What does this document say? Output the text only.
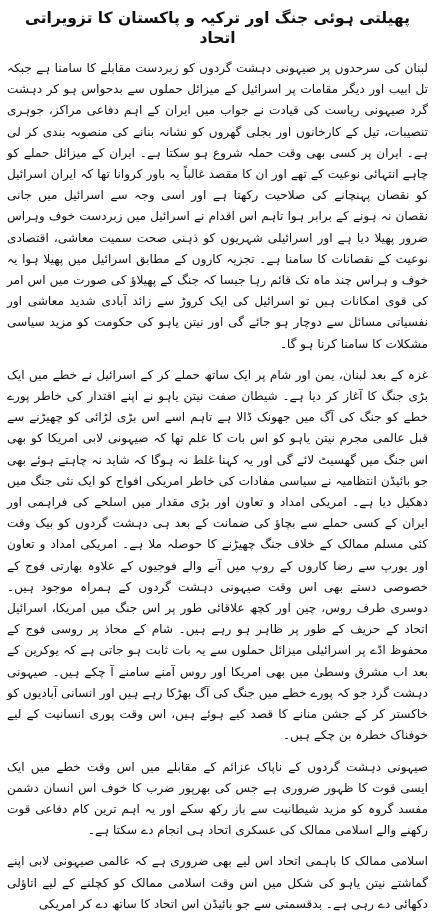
پھیلتی ہوئی جنگ اور ترکیہ و پاکستان کا تزویراتی اتحاد

لبنان کی سرحدوں پر صیہونی دہشت گردوں کو زبردست مقابلے کا سامنا ہے جبکہ تل ابیب اور دیگر مقامات پر اسرائیل کے میزائل حملوں سے بدحواس ہو کر دہشت گرد صیہونی ریاست کی قیادت نے جواب میں ایران کے اہم دفاعی مراکز، جوہری تنصیبات، تیل کے کارخانوں اور بجلی گھروں کو نشانہ بنانے کی منصوبہ بندی کر لی ہے۔ ایران پر کسی بھی وقت حملہ شروع ہو سکتا ہے۔ ایران کے میزائل حملے کو چاہے انتہائی نوعیت کے تھے اور ان کا مقصد غالباً یہ باور کروانا تھا کہ ایران اسرائیل کو نقصان پہنچانے کی صلاحیت رکھتا ہے اور اسی وجہ سے اسرائیل میں جانی نقصان نہ ہونے کے برابر ہوا تاہم اس اقدام نے اسرائیل میں زبردست خوف وہراس ضرور پھیلا دیا ہے اور اسرائیلی شہریوں کو ذہنی صحت سمیت معاشی، اقتصادی نوعیت کے نقصانات کا سامنا ہے۔ تجزیہ کاروں کے مطابق اسرائیل میں پھیلا ہوا یہ خوف و ہراس چند ماہ تک قائم رہا جیسا کہ جنگ کے پھیلاؤ کی صورت میں اس امر کی قوی امکانات ہیں تو اسرائیل کی ایک کروڑ سے زائد آبادی شدید معاشی اور نفسیاتی مسائل سے دوچار ہو جائے گی اور نیتن یاہو کی حکومت کو مزید سیاسی مشکلات کا سامنا کرنا ہو گا۔

غزہ کے بعد لبنان، یمن اور شام پر ایک ساتھ حملے کر کے اسرائیل نے خطے میں ایک بڑی جنگ کا آغاز کر دیا ہے۔ شیطان صفت نیتن یاہو نے اپنے اقتدار کی خاطر پورے خطے کو جنگ کی آگ میں جھونک ڈالا ہے تاہم اسے اس بڑی لڑائی کو چھیڑنے سے قبل عالمی مجرم نیتن یاہو کو اس بات کا علم تھا کہ صیہونی لابی امریکا کو بھی اس جنگ میں گھسیٹ لائے گی اور یہ کہنا غلط نہ ہوگا کہ شاید نہ چاہتے ہوئے بھی جو بائیڈن انتظامیہ نے سیاسی مفادات کی خاطر امریکی افواج کو ایک نئی جنگ میں دھکیل دیا ہے۔ امریکی امداد و تعاون اور بڑی مقدار میں اسلحے کی فراہمی اور ایران کے کسی حملے سے بچاؤ کی ضمانت کے بعد ہی دہشت گردوں کو بیک وقت کئی مسلم ممالک کے خلاف جنگ چھیڑنے کا حوصلہ ملا ہے۔ امریکی امداد و تعاون اور یورپ سے رضا کاروں کے روپ میں آنے والے فوجیوں کے علاوہ بھارتی فوج کے خصوصی دستے بھی اس وقت صیہونی دہشت گردوں کے ہمراہ موجود ہیں۔ دوسری طرف روس، چین اور کچھ علاقائی طور پر اس جنگ میں امریکا، اسرائیل اتحاد کے حریف کے طور پر ظاہر ہو رہے ہیں۔ شام کے محاذ پر روسی فوج کے محفوظ اڈے پر اسرائیلی میزائل حملوں سے یہ بات ثابت ہو جاتی ہے کہ یوکرین کے بعد اب مشرق وسطیٰ میں بھی امریکا اور روس آمنے سامنے آ چکے ہیں۔ صیہونی دہشت گرد جو کہ پورے خطے میں جنگ کی آگ بھڑکا رہے ہیں اور انسانی آبادیوں کو خاکستر کر کے جشن منانے کا قصد کیے ہوئے ہیں، اس وقت پوری انسانیت کے لیے خوفناک خطرہ بن چکے ہیں۔

صیہونی دہشت گردوں کے ناپاک عزائم کے مقابلے میں اس وقت خطے میں ایک ایسی قوت کا ظہور ضروری ہے جس کی بھرپور ضرب کا خوف اس انسان دشمن مفسد گروہ کو مزید شیطانیت سے باز رکھ سکے اور یہ اہم ترین کام دفاعی قوت رکھنے والے اسلامی ممالک کی عسکری اتحاد ہی انجام دے سکتا ہے۔

اسلامی ممالک کا باہمی اتحاد اس لیے بھی ضروری ہے کہ عالمی صیہونی لابی اپنے گماشتے نیتن یاہو کی شکل میں اس وقت اسلامی ممالک کو کچلنے کے لیے اتاؤلی دکھائی دے رہی ہے۔ بدقسمتی سے جو بائیڈن اس اتحاد کا ساتھ دے کر امریکی
